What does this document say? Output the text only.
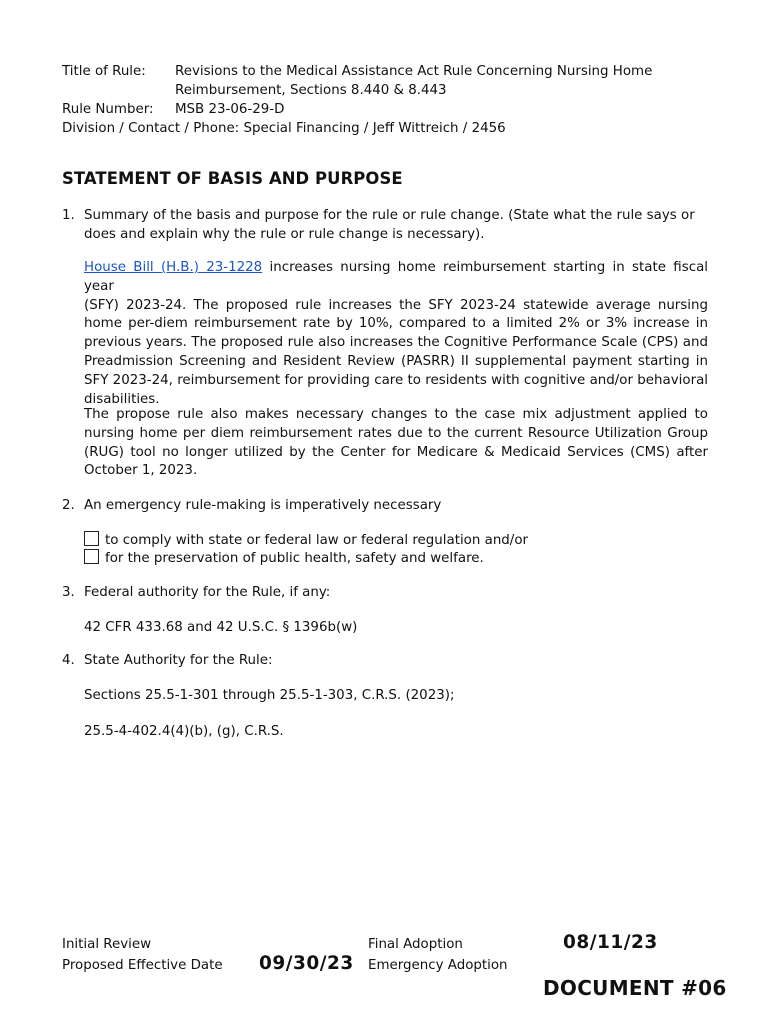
Title of Rule: Revisions to the Medical Assistance Act Rule Concerning Nursing Home
Reimbursement, Sections 8.440 & 8.443
Rule Number: MSB 23-06-29-D
Division / Contact / Phone: Special Financing / Jeff Wittreich / 2456
STATEMENT OF BASIS AND PURPOSE
1. Summary of the basis and purpose for the rule or rule change. (State what the rule says or
does and explain why the rule or rule change is necessary).
House Bill (H.B.) 23-1228 increases nursing home reimbursement starting in state fiscal year
(SFY) 2023-24. The proposed rule increases the SFY 2023-24 statewide average nursing
home per-diem reimbursement rate by 10%, compared to a limited 2% or 3% increase in
previous years. The proposed rule also increases the Cognitive Performance Scale (CPS) and
Preadmission Screening and Resident Review (PASRR) II supplemental payment starting in
SFY 2023-24, reimbursement for providing care to residents with cognitive and/or behavioral
disabilities.
The propose rule also makes necessary changes to the case mix adjustment applied to
nursing home per diem reimbursement rates due to the current Resource Utilization Group
(RUG) tool no longer utilized by the Center for Medicare & Medicaid Services (CMS) after
October 1, 2023.
2. An emergency rule-making is imperatively necessary
to comply with state or federal law or federal regulation and/or
for the preservation of public health, safety and welfare.
3. Federal authority for the Rule, if any:
42 CFR 433.68 and 42 U.S.C. § 1396b(w)
4. State Authority for the Rule:
Sections 25.5-1-301 through 25.5-1-303, C.R.S. (2023);
25.5-4-402.4(4)(b), (g), C.R.S.
Initial Review
Proposed Effective Date 09/30/23
Final Adoption	08/11/23
Emergency Adoption
DOCUMENT #06
